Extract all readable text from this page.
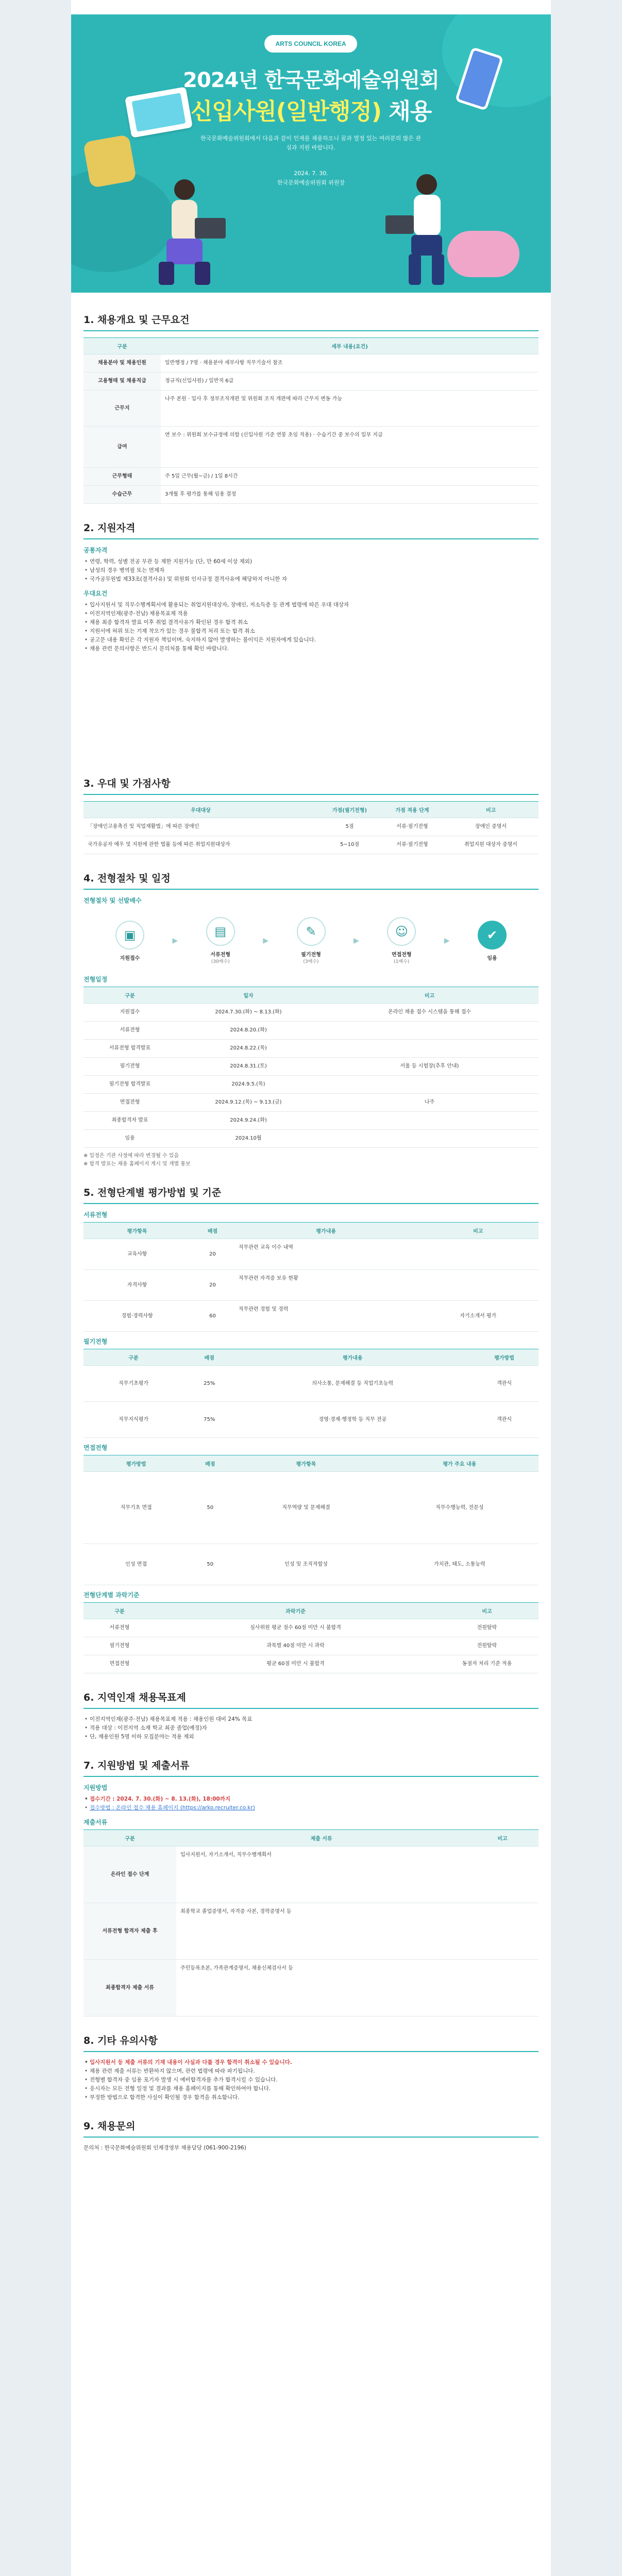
ARTS COUNCIL KOREA
2024년 한국문화예술위원회
신입사원(일반행정) 채용
한국문화예술위원회에서 다음과 같이 인재를 채용하오니 꿈과 열정 있는 여러분의 많은 관심과 지원 바랍니다.
2024. 7. 30.
한국문화예술위원회 위원장
1. 채용개요 및 근무요건
구분	세부 내용(요건)
채용분야 및 채용인원	일반행정 / 7명 · 채용분야 세부사항 직무기술서 참조
고용형태 및 채용직급	정규직(신입사원) / 일반직 6급
근무지	나주 본원 · 입사 후 정부조직개편 및 위원회 조직 개편에 따라 근무지 변동 가능
급여	연 보수 : 위원회 보수규정에 의함 (신입사원 기준 연봉 초임 적용) · 수습기간 중 보수의 일부 지급
근무형태	주 5일 근무(월~금) / 1일 8시간
수습근무	3개월 후 평가를 통해 임용 결정
2. 지원자격
공통자격
• 연령, 학력, 성별 전공 무관 등 제한 지원가능 (단, 만 60세 이상 제외)
• 남성의 경우 병역필 또는 면제자
• 국가공무원법 제33조(결격사유) 및 위원회 인사규정 결격사유에 해당하지 아니한 자
우대요건
• 입사지원서 및 직무수행계획서에 활용되는 취업지원대상자, 장애인, 저소득층 등 관계 법령에 따른 우대 대상자
• 이전지역인재(광주·전남) 채용목표제 적용
• 채용 최종 합격자 발표 이후 취업 결격사유가 확인된 경우 합격 취소
• 지원서에 허위 또는 기재 착오가 있는 경우 불합격 처리 또는 합격 취소
• 공고문 내용 확인은 각 지원자 책임이며, 숙지하지 않아 발생하는 불이익은 지원자에게 있습니다.
• 채용 관련 문의사항은 반드시 문의처를 통해 확인 바랍니다.
3. 우대 및 가점사항
우대대상	가점(필기전형)	가점 적용 단계	비고
「장애인고용촉진 및 직업재활법」에 따른 장애인	5점	서류·필기전형	장애인 증명서
국가유공자 예우 및 지원에 관한 법률 등에 따른 취업지원대상자	5~10점	서류·필기전형	취업지원 대상자 증명서
4. 전형절차 및 일정
전형절차 및 선발배수
▣
지원접수
▶
▤
서류전형
(30배수)
▶
✎
필기전형
(3배수)
▶
☺
면접전형
(1배수)
▶	✔
임용
전형일정
구분	일자	비고
지원접수	2024.7.30.(화) ~ 8.13.(화)	온라인 채용 접수 시스템을 통해 접수
서류전형	2024.8.20.(화)	
서류전형 합격발표	2024.8.22.(목)	
필기전형	2024.8.31.(토)	서울 등 시험장(추후 안내)
필기전형 합격발표	2024.9.5.(목)	
면접전형	2024.9.12.(목) ~ 9.13.(금)	나주
최종합격자 발표	2024.9.24.(화)	
임용	2024.10월	
※ 일정은 기관 사정에 따라 변경될 수 있음
※ 합격 발표는 채용 홈페이지 게시 및 개별 통보
5. 전형단계별 평가방법 및 기준
서류전형
평가항목	배점	평가내용	비고
교육사항	20	직무관련 교육 이수 내역	
자격사항	20	직무관련 자격증 보유 현황	
경험·경력사항	60	직무관련 경험 및 경력	자기소개서 평가
필기전형
구분	배점	평가내용	평가방법
직무기초평가	25%	의사소통, 문제해결 등 직업기초능력	객관식
직무지식평가	75%	경영·경제·행정학 등 직무 전공	객관식
면접전형
평가방법	배점	평가항목	평가 주요 내용
직무기초 면접	50	직무역량 및 문제해결	직무수행능력, 전문성
인성 면접	50	인성 및 조직적합성	가치관, 태도, 소통능력
전형단계별 과락기준
구분	과락기준	비고
서류전형	심사위원 평균 점수 60점 미만 시 불합격	전원탈락
필기전형	과목별 40점 미만 시 과락	전원탈락
면접전형	평균 60점 미만 시 불합격	동점자 처리 기준 적용
6. 지역인재 채용목표제
• 이전지역인재(광주·전남) 채용목표제 적용 : 채용인원 대비 24% 목표
• 적용 대상 : 이전지역 소재 학교 최종 졸업(예정)자
• 단, 채용인원 5명 이하 모집분야는 적용 제외
7. 지원방법 및 제출서류
지원방법
• 접수기간 : 2024. 7. 30.(화) ~ 8. 13.(화), 18:00까지
• 접수방법 : 온라인 접수 채용 홈페이지 (https://arko.recruiter.co.kr)
제출서류
구분	제출 서류	비고
온라인 접수 단계	입사지원서, 자기소개서, 직무수행계획서	
서류전형 합격자 제출 후	최종학교 졸업증명서, 자격증 사본, 경력증명서 등	
최종합격자 제출 서류	주민등록초본, 가족관계증명서, 채용신체검사서 등	
8. 기타 유의사항
• 입사지원서 등 제출 서류의 기재 내용이 사실과 다를 경우 합격이 취소될 수 있습니다.
• 채용 관련 제출 서류는 반환하지 않으며, 관련 법령에 따라 파기됩니다.
• 전형별 합격자 중 임용 포기자 발생 시 예비합격자를 추가 합격시킬 수 있습니다.
• 응시자는 모든 전형 일정 및 결과를 채용 홈페이지를 통해 확인하여야 합니다.
• 부정한 방법으로 합격한 사실이 확인될 경우 합격을 취소합니다.
9. 채용문의
문의처 : 한국문화예술위원회 인재경영부 채용담당 (061-900-2196)
